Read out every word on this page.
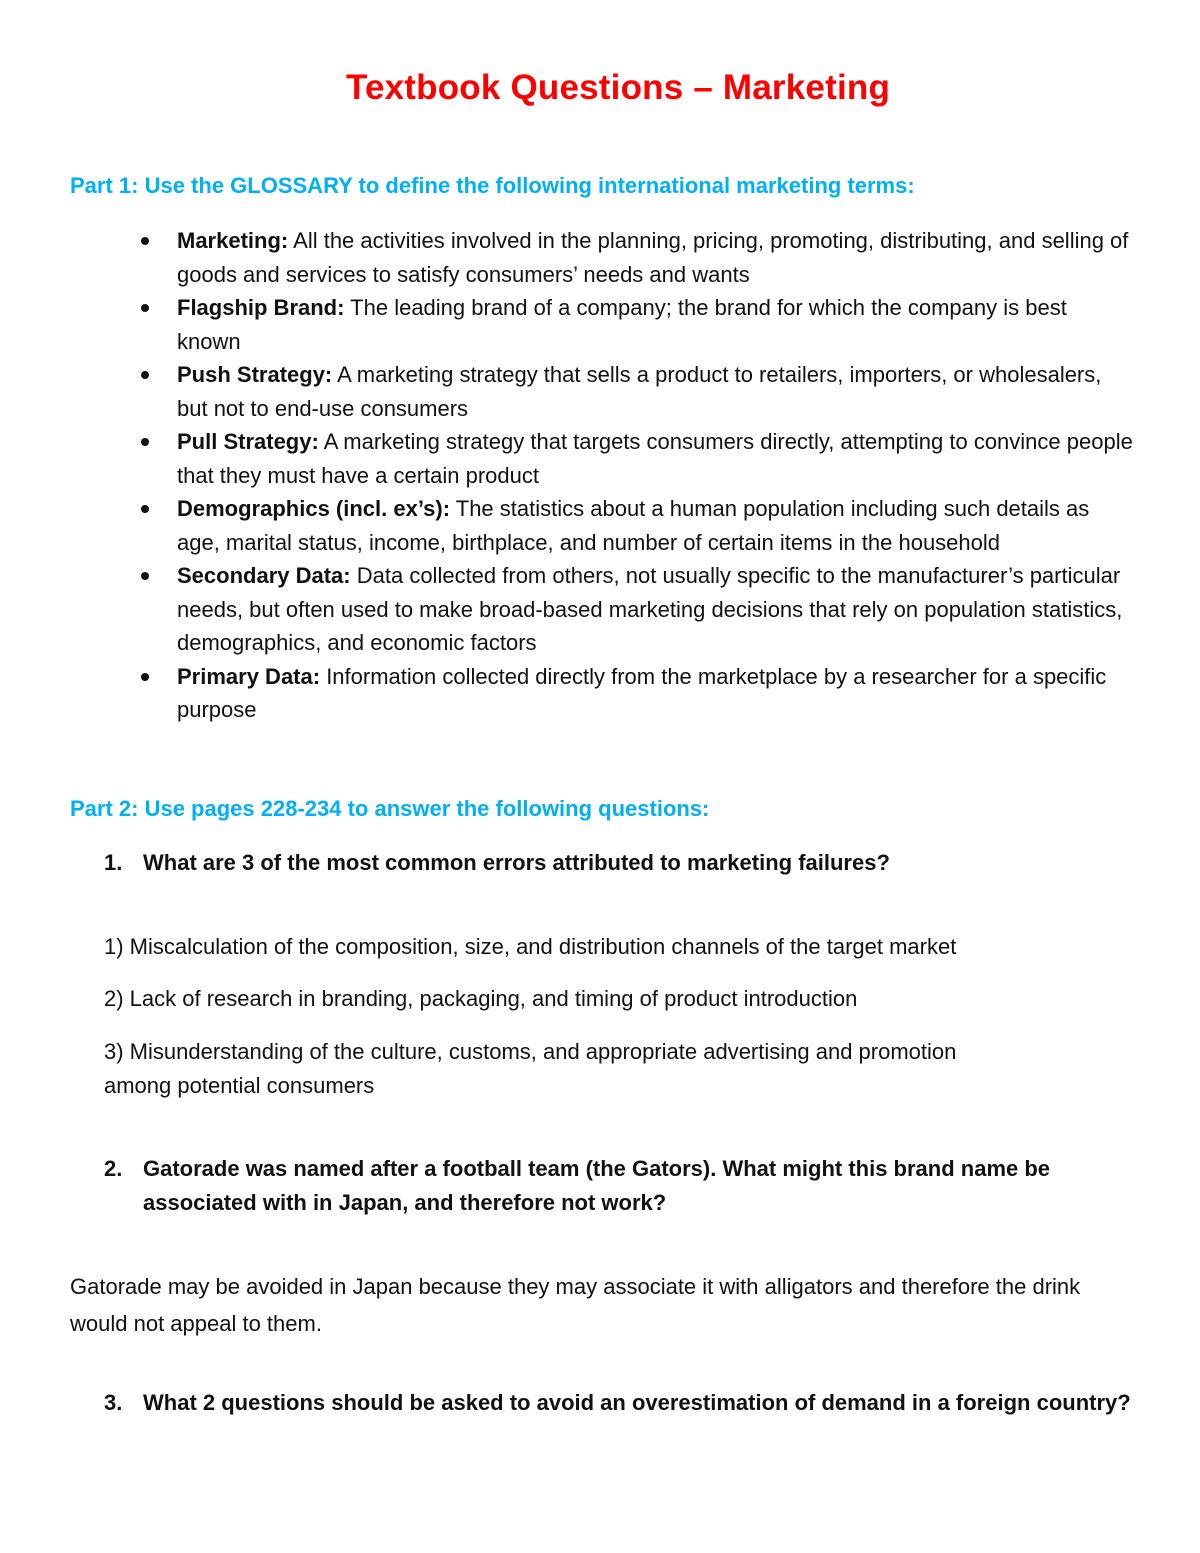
Textbook Questions – Marketing
Part 1: Use the GLOSSARY to define the following international marketing terms:
Marketing: All the activities involved in the planning, pricing, promoting, distributing, and selling of goods and services to satisfy consumers’ needs and wants
Flagship Brand: The leading brand of a company; the brand for which the company is best known
Push Strategy: A marketing strategy that sells a product to retailers, importers, or wholesalers, but not to end-use consumers
Pull Strategy: A marketing strategy that targets consumers directly, attempting to convince people that they must have a certain product
Demographics (incl. ex’s): The statistics about a human population including such details as age, marital status, income, birthplace, and number of certain items in the household
Secondary Data: Data collected from others, not usually specific to the manufacturer’s particular needs, but often used to make broad-based marketing decisions that rely on population statistics, demographics, and economic factors
Primary Data: Information collected directly from the marketplace by a researcher for a specific purpose
Part 2: Use pages 228-234 to answer the following questions:
1. What are 3 of the most common errors attributed to marketing failures?
1) Miscalculation of the composition, size, and distribution channels of the target market
2) Lack of research in branding, packaging, and timing of product introduction
3) Misunderstanding of the culture, customs, and appropriate advertising and promotion
among potential consumers
2. Gatorade was named after a football team (the Gators). What might this brand name be associated with in Japan, and therefore not work?
Gatorade may be avoided in Japan because they may associate it with alligators and therefore the drink would not appeal to them.
3. What 2 questions should be asked to avoid an overestimation of demand in a foreign country?
